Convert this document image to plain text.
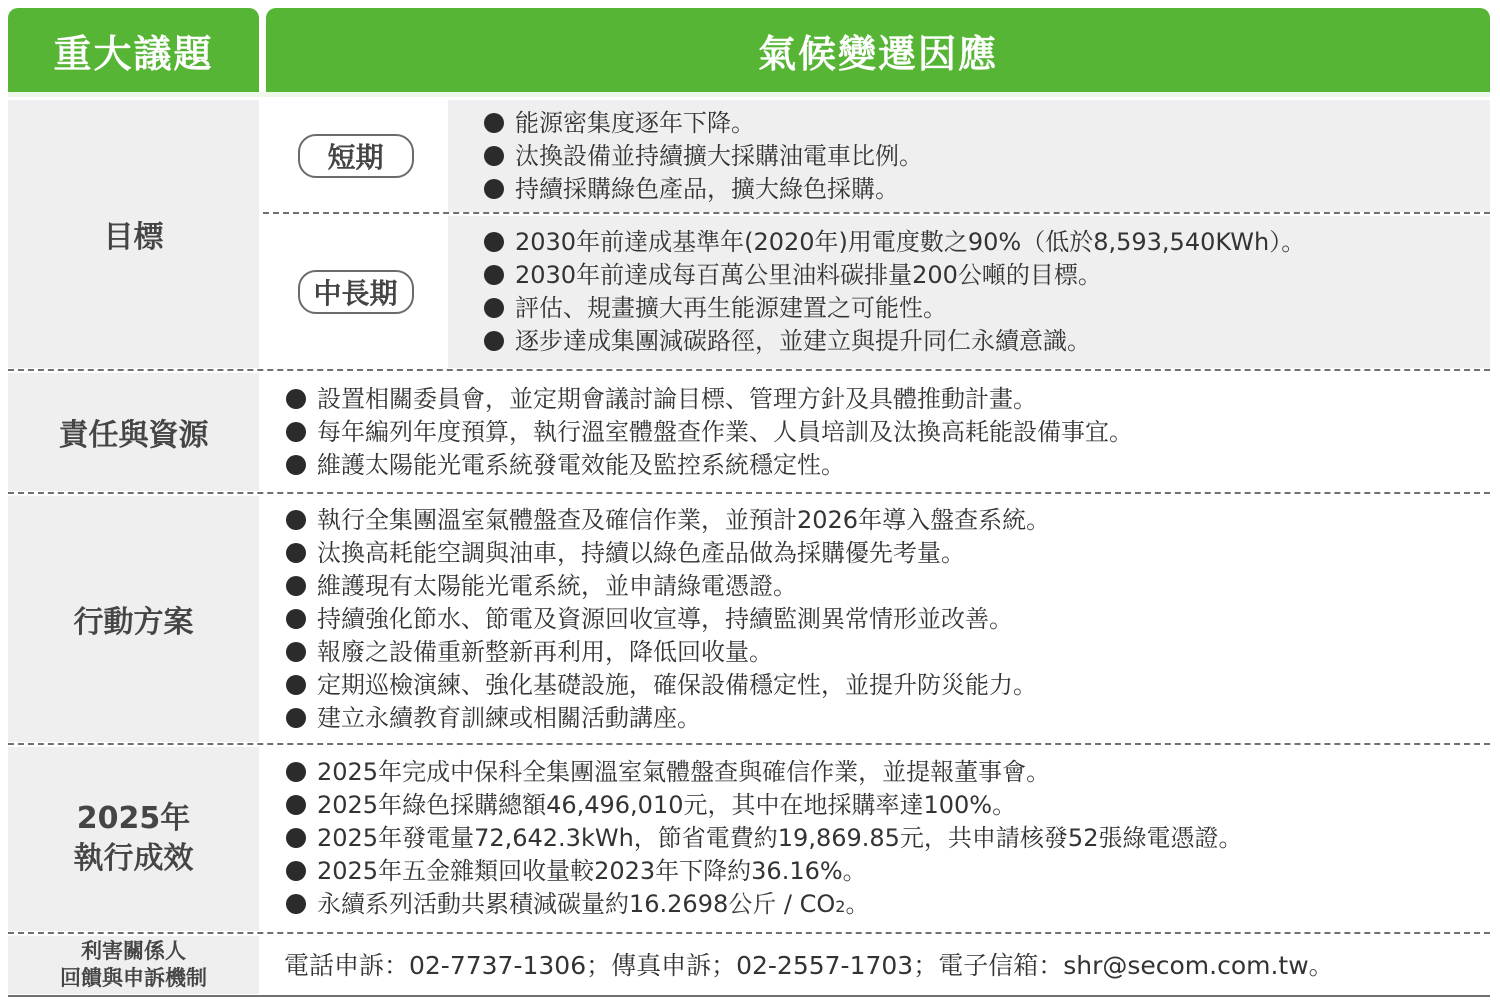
重大議題	氣候變遷因應
目標
短期
能源密集度逐年下降。
汰換設備並持續擴大採購油電車比例。
持續採購綠色產品，擴大綠色採購。
中長期
2030年前達成基準年(2020年)用電度數之90%（低於8,593,540KWh）。
2030年前達成每百萬公里油料碳排量200公噸的目標。
評估、規畫擴大再生能源建置之可能性。
逐步達成集團減碳路徑，並建立與提升同仁永續意識。
責任與資源
設置相關委員會，並定期會議討論目標、管理方針及具體推動計畫。
每年編列年度預算，執行溫室體盤查作業、人員培訓及汰換高耗能設備事宜。
維護太陽能光電系統發電效能及監控系統穩定性。
行動方案
執行全集團溫室氣體盤查及確信作業，並預計2026年導入盤查系統。
汰換高耗能空調與油車，持續以綠色產品做為採購優先考量。
維護現有太陽能光電系統，並申請綠電憑證。
持續強化節水、節電及資源回收宣導，持續監測異常情形並改善。
報廢之設備重新整新再利用，降低回收量。
定期巡檢演練、強化基礎設施，確保設備穩定性，並提升防災能力。
建立永續教育訓練或相關活動講座。
2025年
執行成效
2025年完成中保科全集團溫室氣體盤查與確信作業，並提報董事會。
2025年綠色採購總額46,496,010元，其中在地採購率達100%。
2025年發電量72,642.3kWh，節省電費約19,869.85元，共申請核發52張綠電憑證。
2025年五金雜類回收量較2023年下降約36.16%。
永續系列活動共累積減碳量約16.2698公斤 / CO2。
利害關係人
回饋與申訴機制	電話申訴：02-7737-1306；傳真申訴；02-2557-1703；電子信箱：shr@secom.com.tw。
